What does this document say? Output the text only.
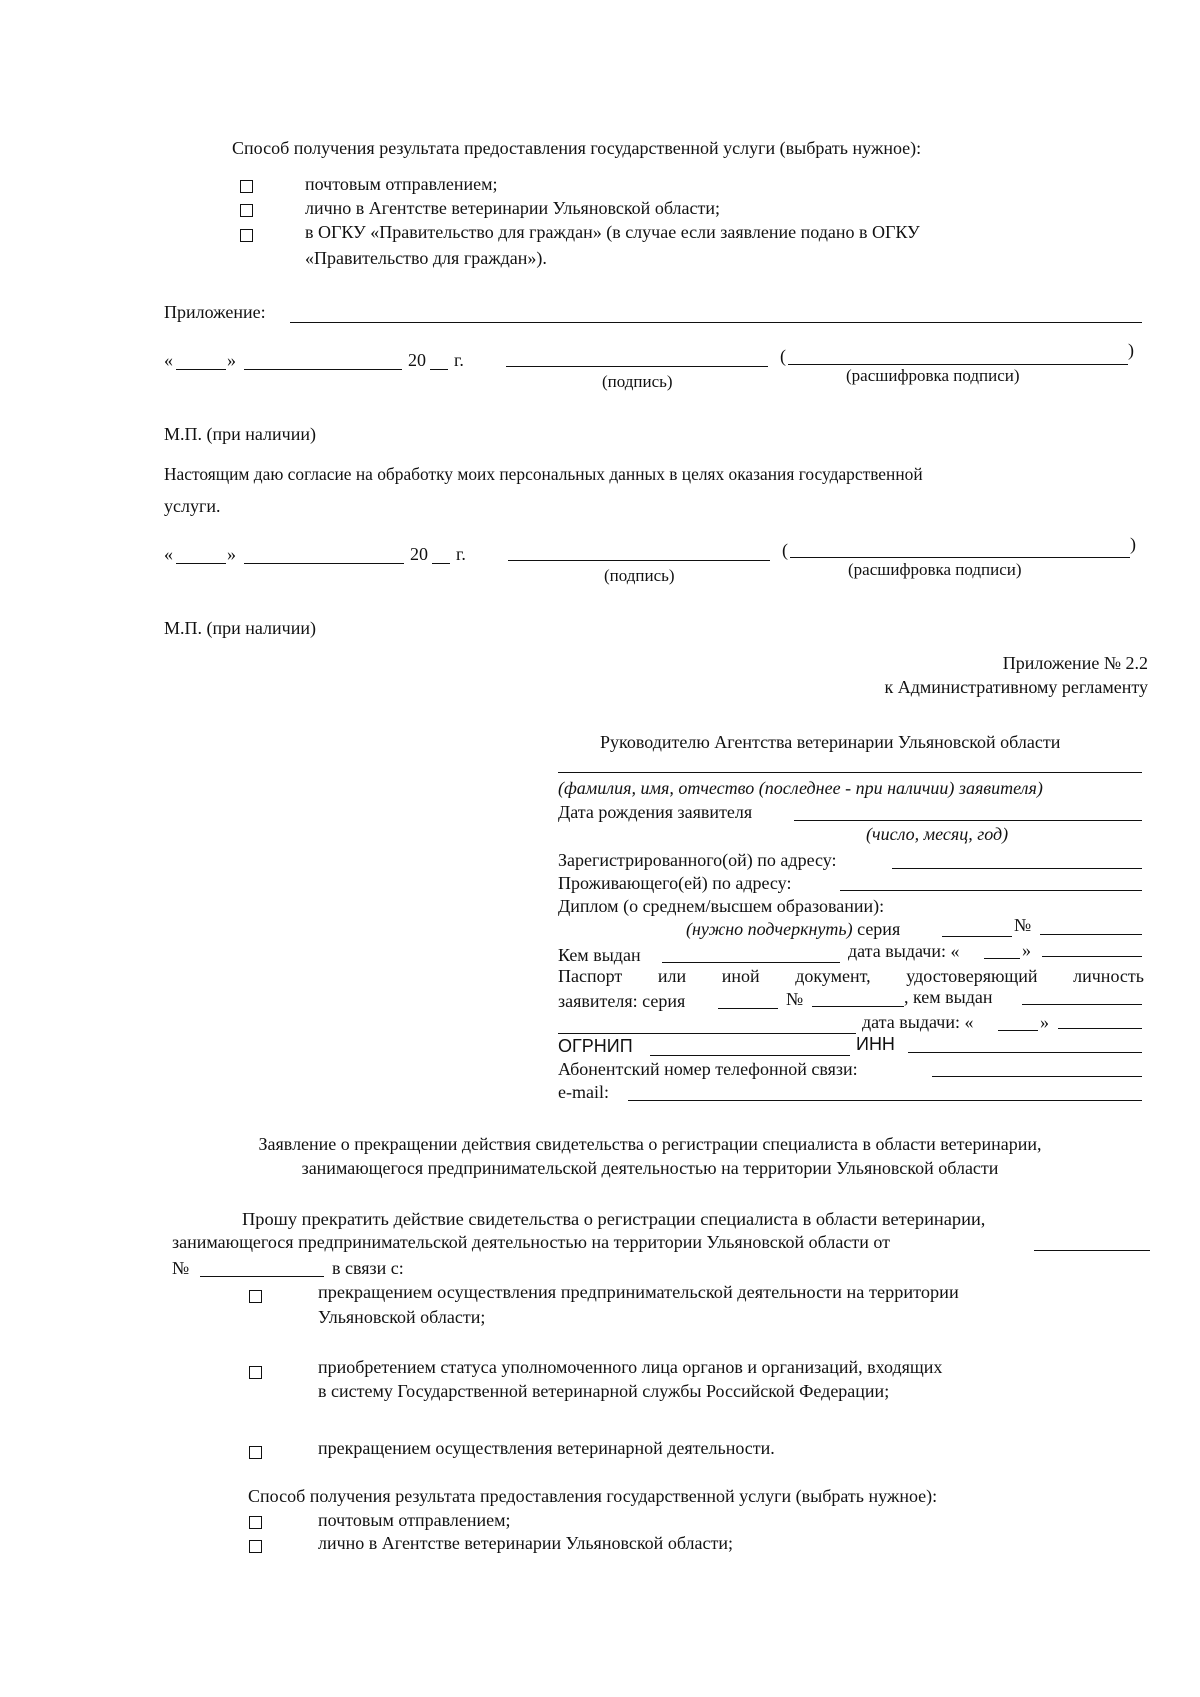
Способ получения результата предоставления государственной услуги (выбрать нужное):
почтовым отправлением;
лично в Агентстве ветеринарии Ульяновской области;
в ОГКУ «Правительство для граждан» (в случае если заявление подано в ОГКУ
«Правительство для граждан»).
Приложение:
«	»	20 г.	(	)
(подпись)	(расшифровка подписи)
М.П. (при наличии)
Настоящим даю согласие на обработку моих персональных данных в целях оказания государственной
услуги.
«	»	20 г.	(	)
(подпись)	(расшифровка подписи)
М.П. (при наличии)
Приложение № 2.2
к Административному регламенту
Руководителю Агентства ветеринарии Ульяновской области
(фамилия, имя, отчество (последнее - при наличии) заявителя)
Дата рождения заявителя
(число, месяц, год)
Зарегистрированного(ой) по адресу:
Проживающего(ей) по адресу:
Диплом (о среднем/высшем образовании):
(нужно подчеркнуть) серия	№
Кем выдан	дата выдачи: «	»
Паспорт или иной документ, удостоверяющий личность
заявителя: серия	№	, кем выдан
дата выдачи: «	»
ОГРНИП	ИНН
Абонентский номер телефонной связи:
e-mail:
Заявление о прекращении действия свидетельства о регистрации специалиста в области ветеринарии,
занимающегося предпринимательской деятельностью на территории Ульяновской области
Прошу прекратить действие свидетельства о регистрации специалиста в области ветеринарии,
занимающегося предпринимательской деятельностью на территории Ульяновской области от
№	в связи с:
прекращением осуществления предпринимательской деятельности на территории
Ульяновской области;
приобретением статуса уполномоченного лица органов и организаций, входящих
в систему Государственной ветеринарной службы Российской Федерации;
прекращением осуществления ветеринарной деятельности.
Способ получения результата предоставления государственной услуги (выбрать нужное):
почтовым отправлением;
лично в Агентстве ветеринарии Ульяновской области;
